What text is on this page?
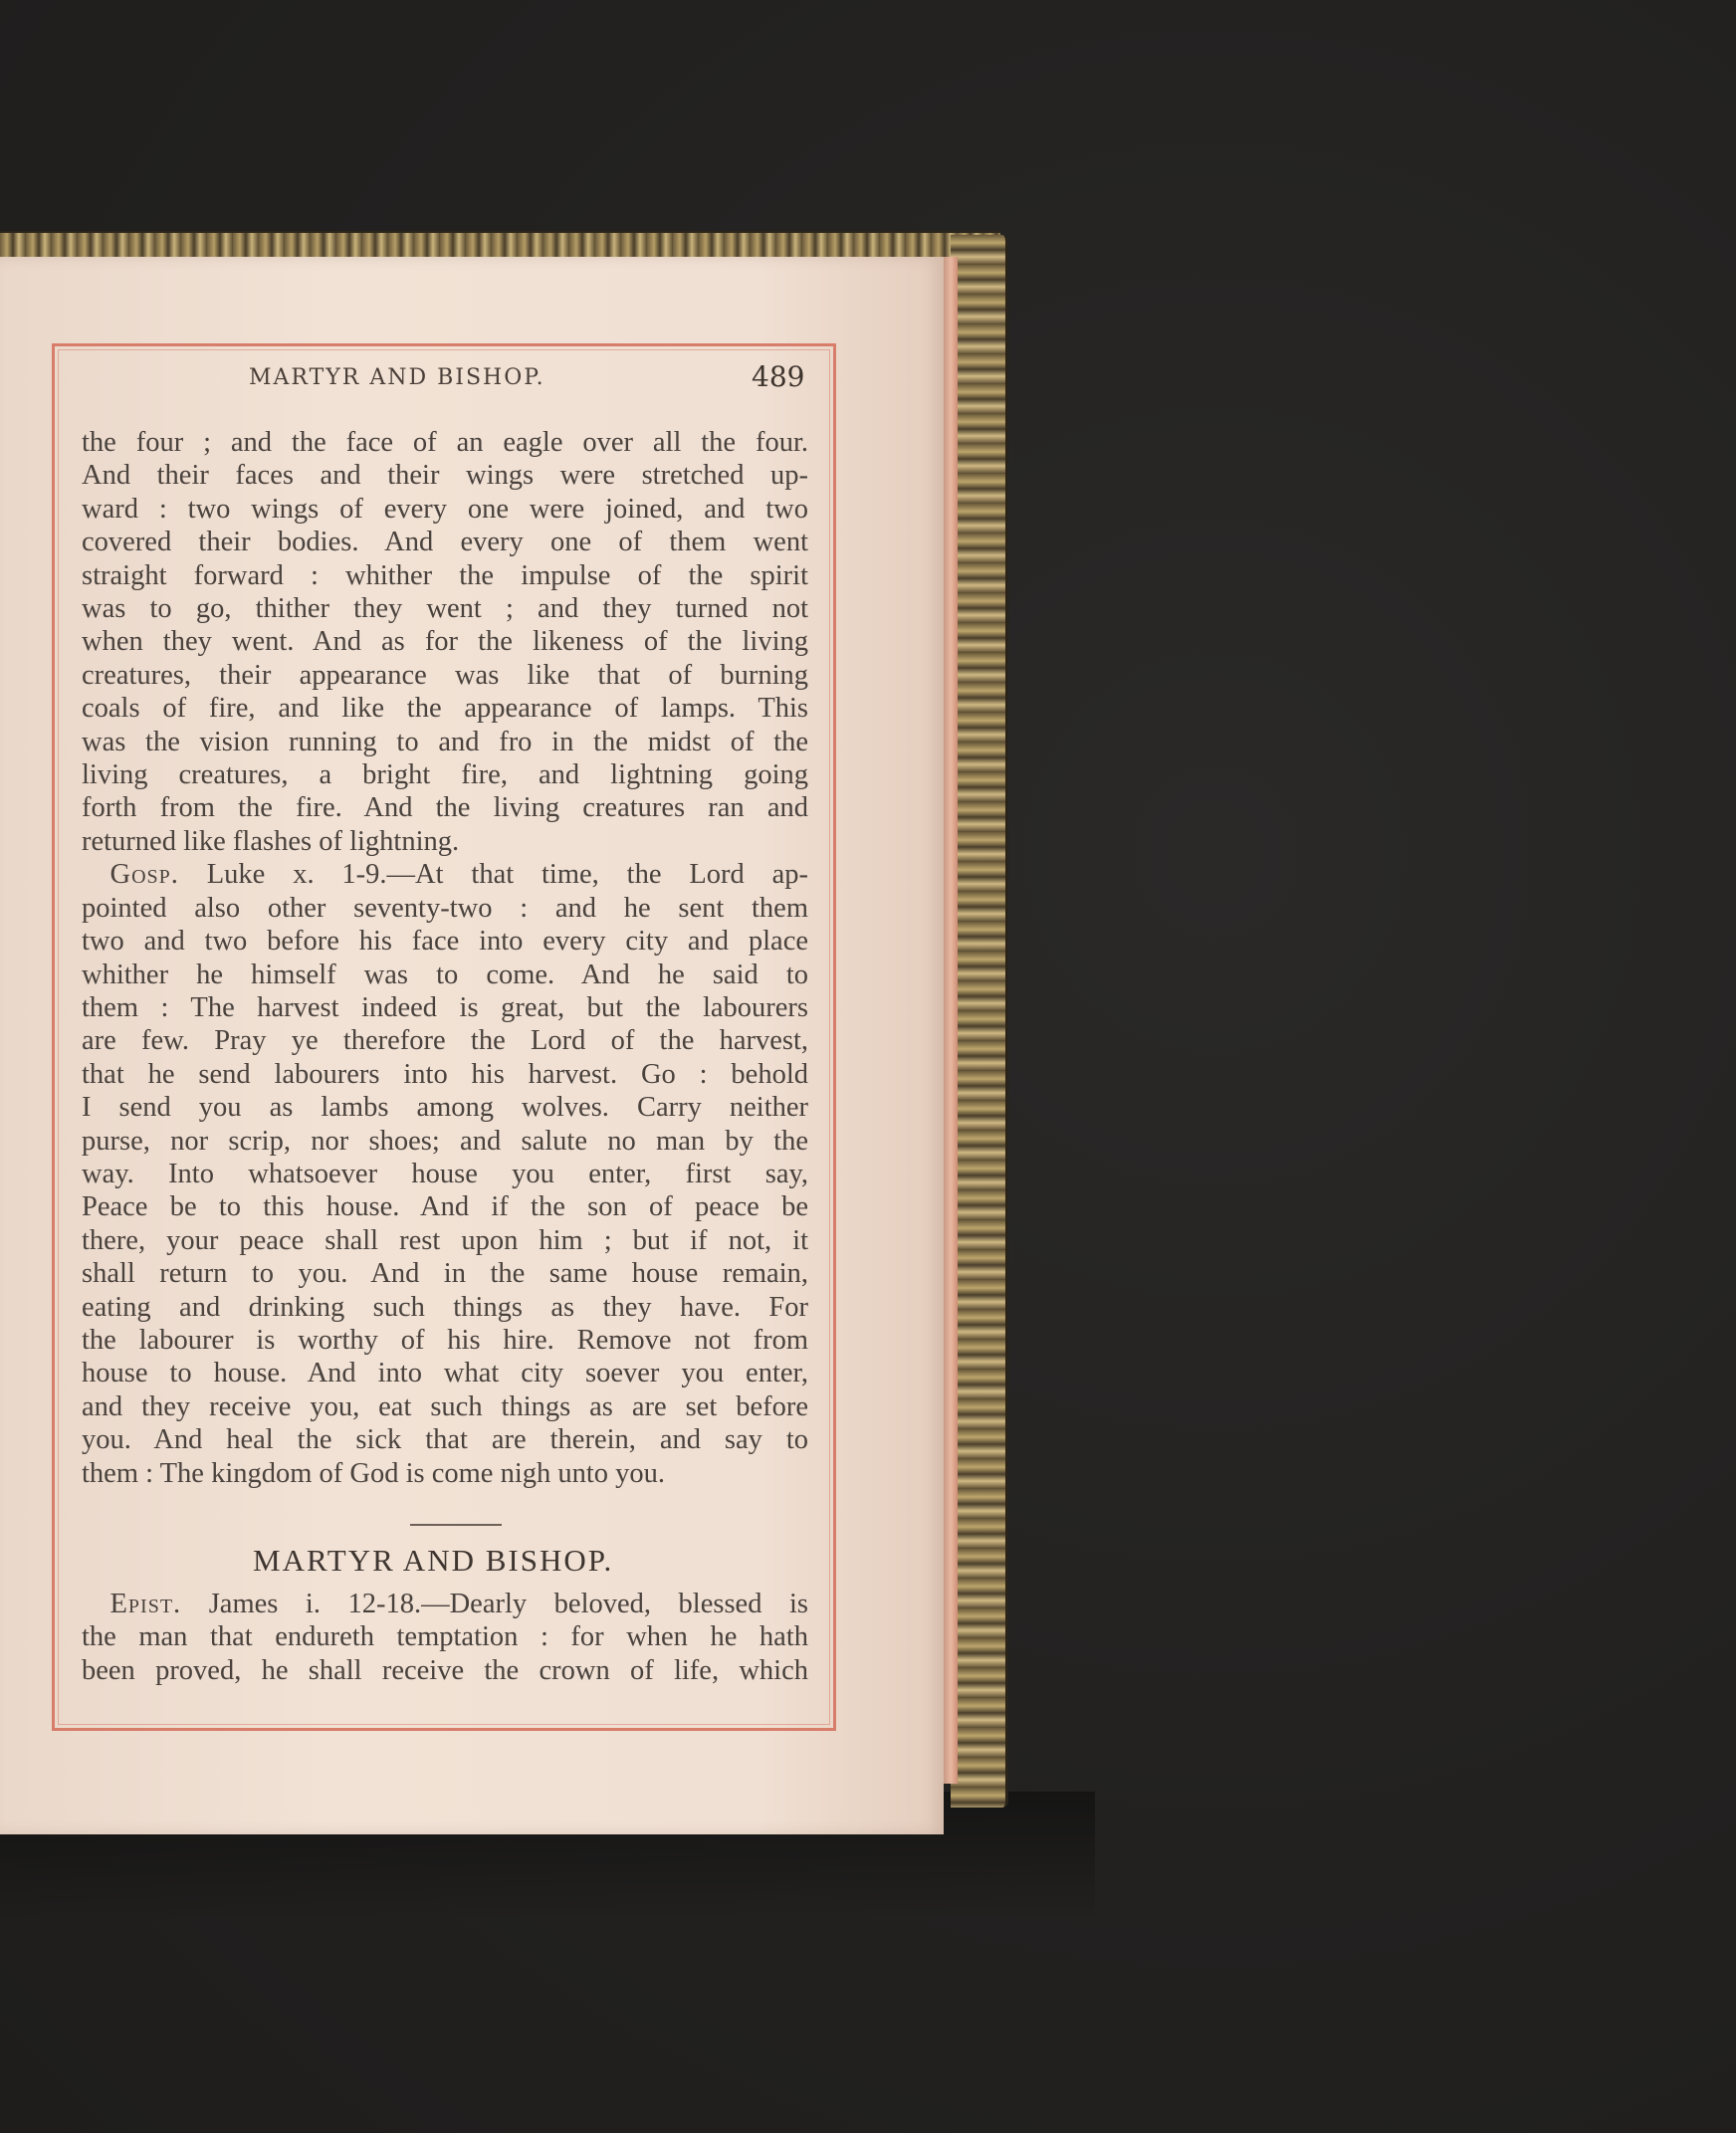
MARTYR AND BISHOP.	489
the four ; and the face of an eagle over all the four.
And their faces and their wings were stretched up-
ward : two wings of every one were joined, and two
covered their bodies. And every one of them went
straight forward : whither the impulse of the spirit
was to go, thither they went ; and they turned not
when they went. And as for the likeness of the living
creatures, their appearance was like that of burning
coals of fire, and like the appearance of lamps. This
was the vision running to and fro in the midst of the
living creatures, a bright fire, and lightning going
forth from the fire. And the living creatures ran and
returned like flashes of lightning.
 Gosp. Luke x. 1-9.—At that time, the Lord ap-
pointed also other seventy-two : and he sent them
two and two before his face into every city and place
whither he himself was to come. And he said to
them : The harvest indeed is great, but the labourers
are few. Pray ye therefore the Lord of the harvest,
that he send labourers into his harvest. Go : behold
I send you as lambs among wolves. Carry neither
purse, nor scrip, nor shoes; and salute no man by the
way. Into whatsoever house you enter, first say,
Peace be to this house. And if the son of peace be
there, your peace shall rest upon him ; but if not, it
shall return to you. And in the same house remain,
eating and drinking such things as they have. For
the labourer is worthy of his hire. Remove not from
house to house. And into what city soever you enter,
and they receive you, eat such things as are set before
you. And heal the sick that are therein, and say to
them : The kingdom of God is come nigh unto you.
MARTYR AND BISHOP.
 Epist. James i. 12-18.—Dearly beloved, blessed is
the man that endureth temptation : for when he hath
been proved, he shall receive the crown of life, which
